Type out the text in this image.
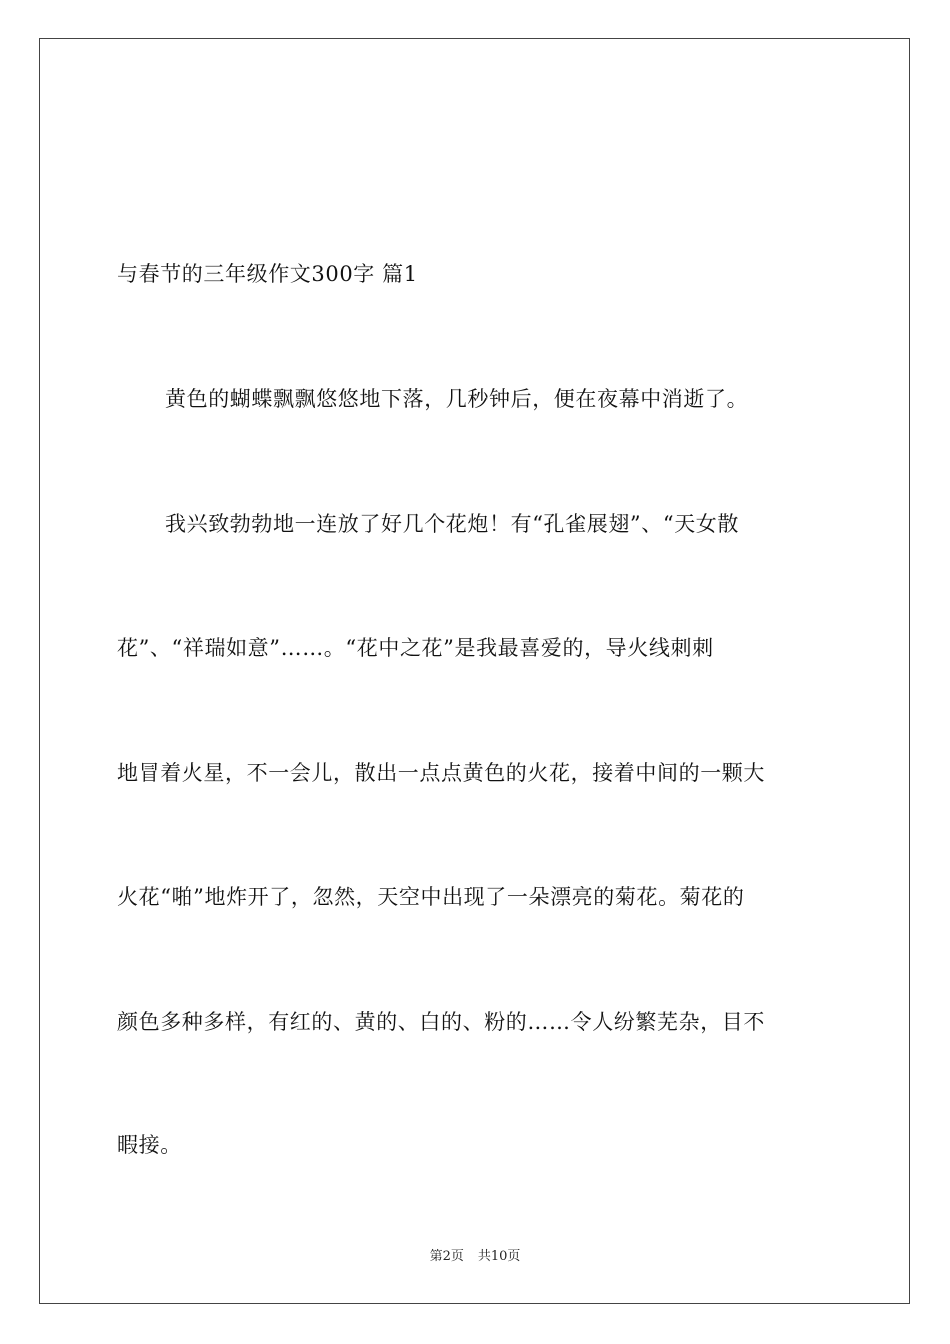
与春节的三年级作文300字 篇1
黄色的蝴蝶飘飘悠悠地下落，几秒钟后，便在夜幕中消逝了。
我兴致勃勃地一连放了好几个花炮！有“孔雀展翅”、“天女散
花”、“祥瑞如意”……。“花中之花”是我最喜爱的，导火线刺刺
地冒着火星，不一会儿，散出一点点黄色的火花，接着中间的一颗大
火花“啪”地炸开了，忽然，天空中出现了一朵漂亮的菊花。菊花的
颜色多种多样，有红的、黄的、白的、粉的……令人纷繁芜杂，目不
暇接。
第2页 共10页
